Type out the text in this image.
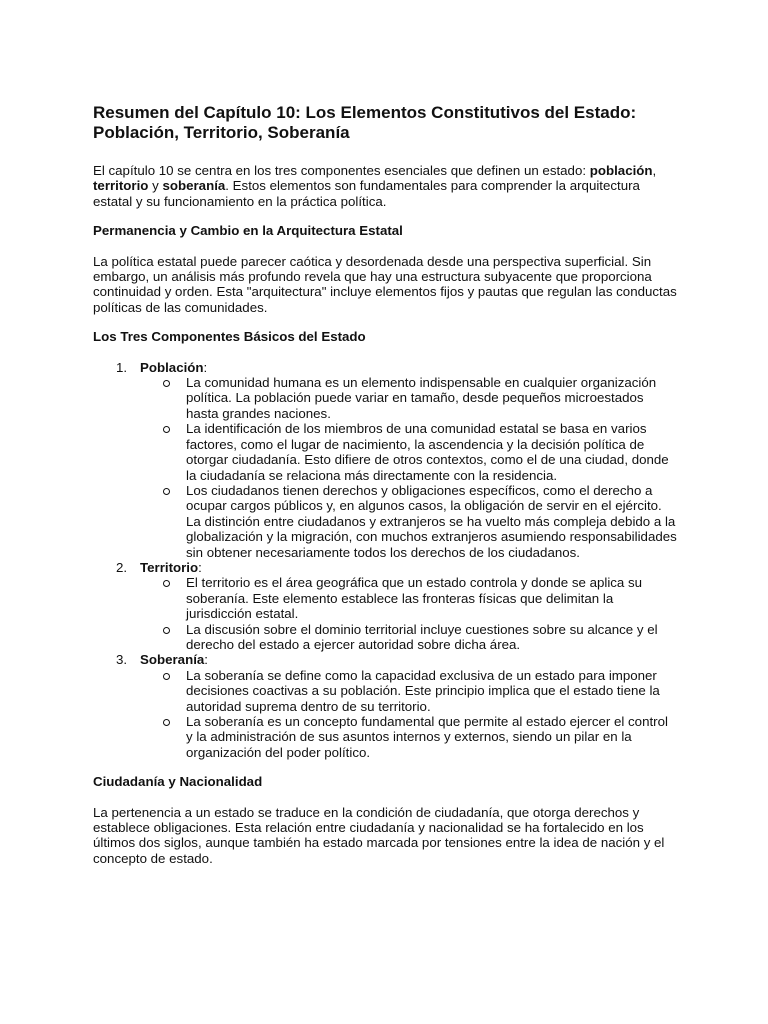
Resumen del Capítulo 10: Los Elementos Constitutivos del Estado: Población, Territorio, Soberanía

El capítulo 10 se centra en los tres componentes esenciales que definen un estado: población, territorio y soberanía. Estos elementos son fundamentales para comprender la arquitectura estatal y su funcionamiento en la práctica política.

Permanencia y Cambio en la Arquitectura Estatal

La política estatal puede parecer caótica y desordenada desde una perspectiva superficial. Sin embargo, un análisis más profundo revela que hay una estructura subyacente que proporciona continuidad y orden. Esta "arquitectura" incluye elementos fijos y pautas que regulan las conductas políticas de las comunidades.

Los Tres Componentes Básicos del Estado
1. Población:
La comunidad humana es un elemento indispensable en cualquier organización política. La población puede variar en tamaño, desde pequeños microestados hasta grandes naciones.
La identificación de los miembros de una comunidad estatal se basa en varios factores, como el lugar de nacimiento, la ascendencia y la decisión política de otorgar ciudadanía. Esto difiere de otros contextos, como el de una ciudad, donde la ciudadanía se relaciona más directamente con la residencia.
Los ciudadanos tienen derechos y obligaciones específicos, como el derecho a ocupar cargos públicos y, en algunos casos, la obligación de servir en el ejército. La distinción entre ciudadanos y extranjeros se ha vuelto más compleja debido a la globalización y la migración, con muchos extranjeros asumiendo responsabilidades sin obtener necesariamente todos los derechos de los ciudadanos.
2. Territorio:
El territorio es el área geográfica que un estado controla y donde se aplica su soberanía. Este elemento establece las fronteras físicas que delimitan la jurisdicción estatal.
La discusión sobre el dominio territorial incluye cuestiones sobre su alcance y el derecho del estado a ejercer autoridad sobre dicha área.
3. Soberanía:
La soberanía se define como la capacidad exclusiva de un estado para imponer decisiones coactivas a su población. Este principio implica que el estado tiene la autoridad suprema dentro de su territorio.
La soberanía es un concepto fundamental que permite al estado ejercer el control y la administración de sus asuntos internos y externos, siendo un pilar en la organización del poder político.
Ciudadanía y Nacionalidad

La pertenencia a un estado se traduce en la condición de ciudadanía, que otorga derechos y establece obligaciones. Esta relación entre ciudadanía y nacionalidad se ha fortalecido en los últimos dos siglos, aunque también ha estado marcada por tensiones entre la idea de nación y el concepto de estado.
